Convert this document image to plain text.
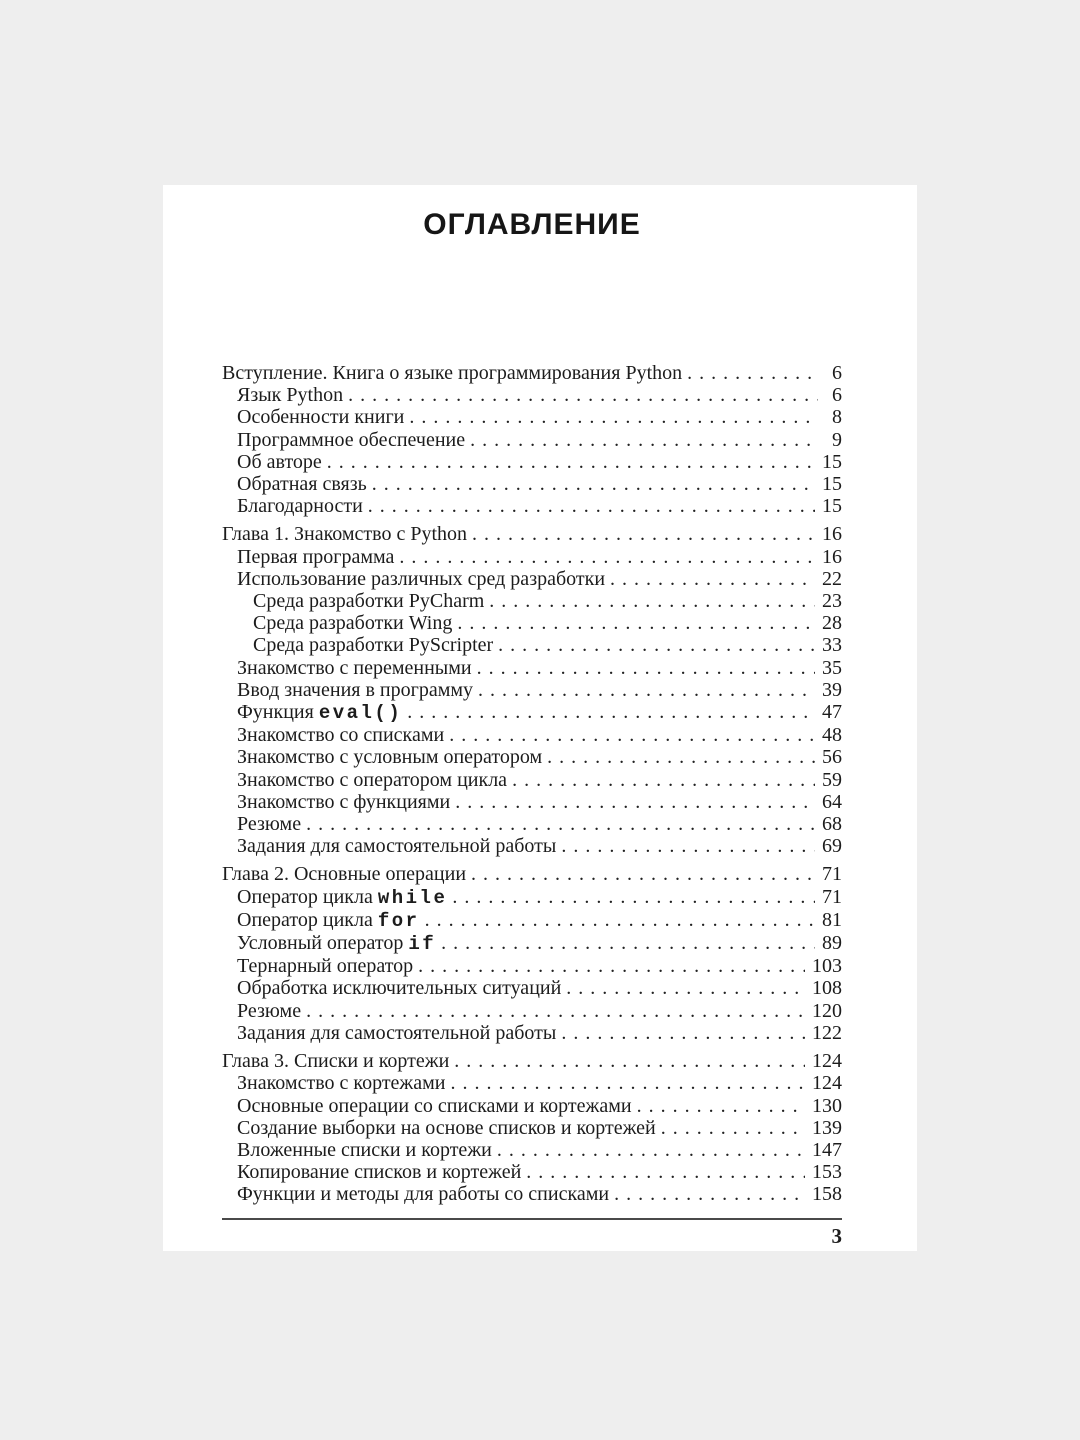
ОГЛАВЛЕНИЕ
Вступление. Книга о языке программирования Python . . .	6
Язык Python . . .	6
Особенности книги . . .	8
Программное обеспечение . . .	9
Об авторе . . .	15
Обратная связь . . .	15
Благодарности . . .	15
Глава 1. Знакомство с Python . . .	16
Первая программа . . .	16
Использование различных сред разработки . . .	22
Среда разработки PyCharm . . .	23
Среда разработки Wing . . .	28
Среда разработки PyScripter . . .	33
Знакомство с переменными . . .	35
Ввод значения в программу . . .	39
Функция eval() . . .	47
Знакомство со списками . . .	48
Знакомство с условным оператором . . .	56
Знакомство с оператором цикла . . .	59
Знакомство с функциями . . .	64
Резюме . . .	68
Задания для самостоятельной работы . . .	69
Глава 2. Основные операции . . .	71
Оператор цикла while . . .	71
Оператор цикла for . . .	81
Условный оператор if . . .	89
Тернарный оператор . . .	103
Обработка исключительных ситуаций . . .	108
Резюме . . .	120
Задания для самостоятельной работы . . .	122
Глава 3. Списки и кортежи . . .	124
Знакомство с кортежами . . .	124
Основные операции со списками и кортежами . . .	130
Создание выборки на основе списков и кортежей . . .	139
Вложенные списки и кортежи . . .	147
Копирование списков и кортежей . . .	153
Функции и методы для работы со списками . . .	158
3
